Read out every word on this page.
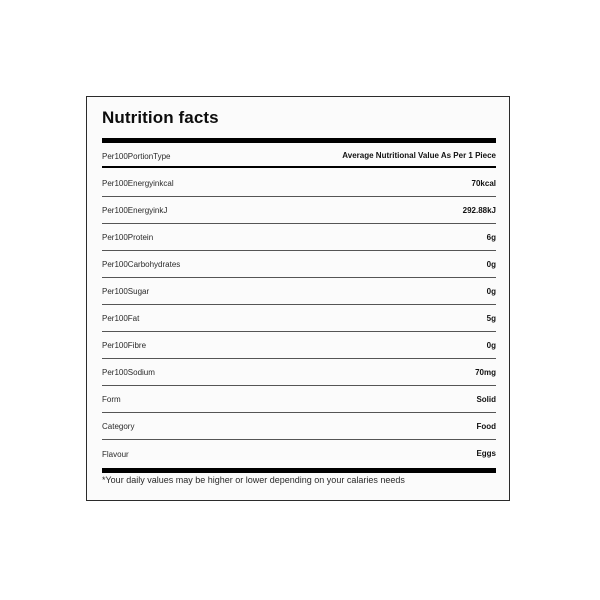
Nutrition facts
Per100PortionType	Average Nutritional Value As Per 1 Piece
Per100Energyinkcal	70kcal
Per100EnergyinkJ	292.88kJ
Per100Protein	6g
Per100Carbohydrates	0g
Per100Sugar	0g
Per100Fat	5g
Per100Fibre	0g
Per100Sodium	70mg
Form	Solid
Category	Food
Flavour	Eggs

*Your daily values may be higher or lower depending on your calaries needs
